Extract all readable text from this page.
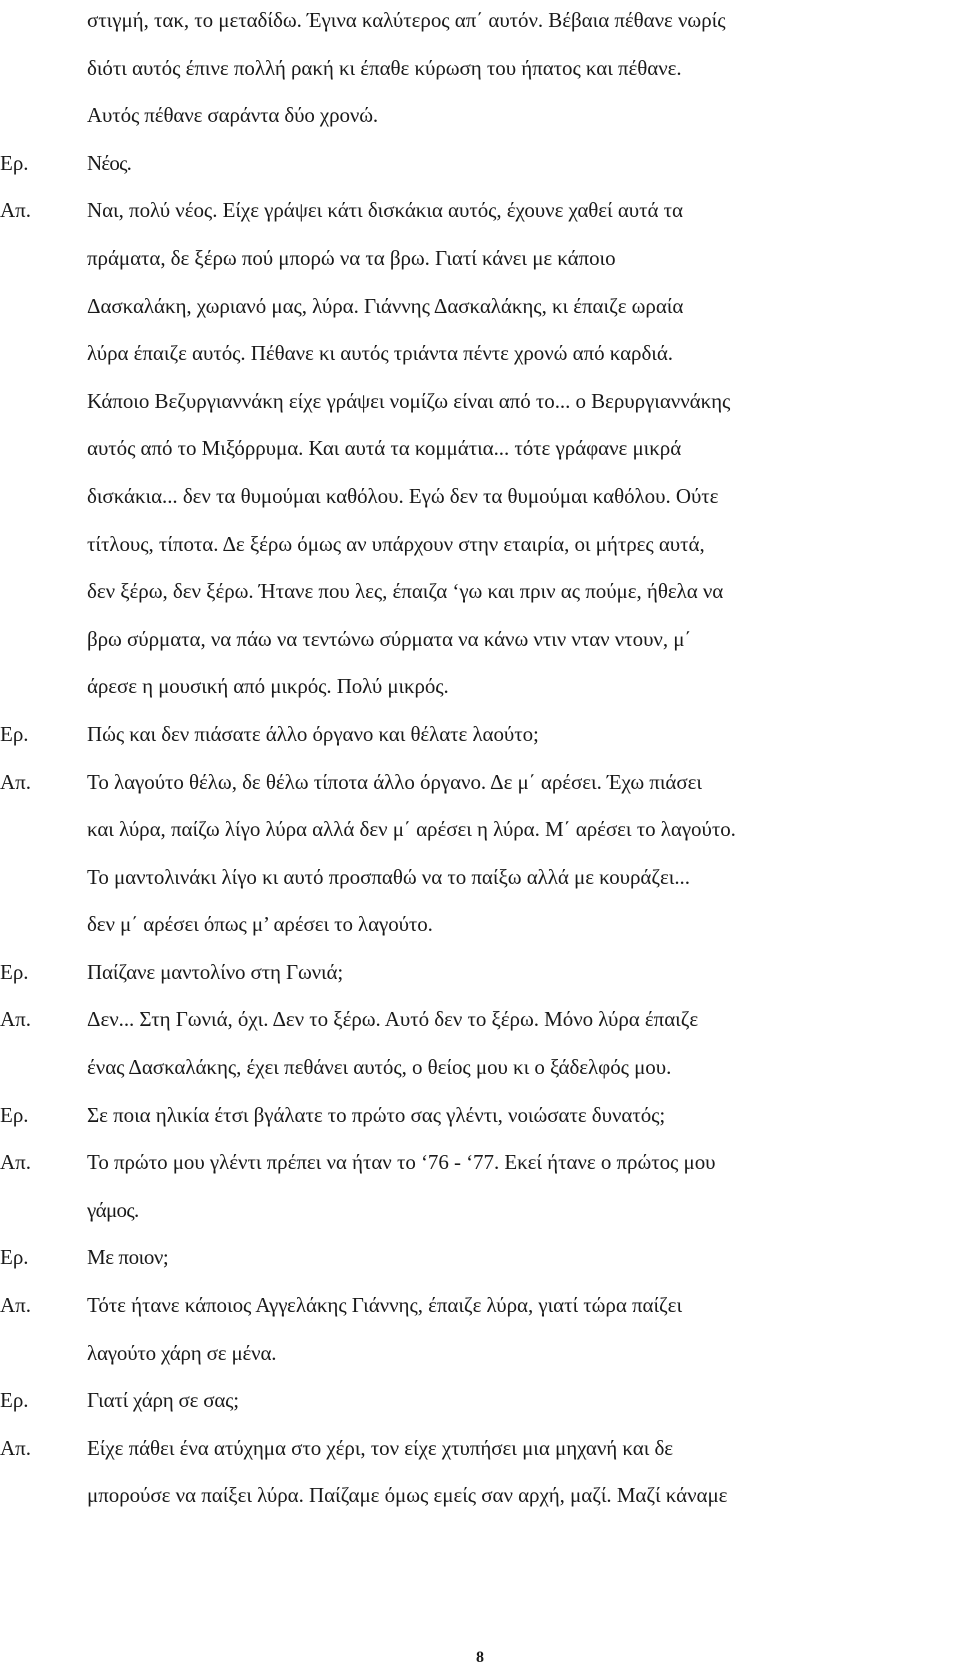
στιγμή, τακ, το μεταδίδω. Έγινα καλύτερος απ΄ αυτόν. Βέβαια πέθανε νωρίς
διότι αυτός έπινε πολλή ρακή κι έπαθε κύρωση του ήπατος και πέθανε.
Αυτός πέθανε σαράντα δύο χρονώ.
Ερ.	Νέος.
Απ.	Ναι, πολύ νέος. Είχε γράψει κάτι δισκάκια αυτός, έχουνε χαθεί αυτά τα
πράματα, δε ξέρω πού μπορώ να τα βρω. Γιατί κάνει με κάποιο
Δασκαλάκη, χωριανό μας, λύρα. Γιάννης Δασκαλάκης, κι έπαιζε ωραία
λύρα έπαιζε αυτός. Πέθανε κι αυτός τριάντα πέντε χρονώ από καρδιά.
Κάποιο Βεζυργιαννάκη είχε γράψει νομίζω είναι από το... ο Βερυργιαννάκης
αυτός από το Μιξόρρυμα. Και αυτά τα κομμάτια... τότε γράφανε μικρά
δισκάκια... δεν τα θυμούμαι καθόλου. Εγώ δεν τα θυμούμαι καθόλου. Ούτε
τίτλους, τίποτα. Δε ξέρω όμως αν υπάρχουν στην εταιρία, οι μήτρες αυτά,
δεν ξέρω, δεν ξέρω. Ήτανε που λες, έπαιζα ‘γω και πριν ας πούμε, ήθελα να
βρω σύρματα, να πάω να τεντώνω σύρματα να κάνω ντιν νταν ντουν, μ΄
άρεσε η μουσική από μικρός. Πολύ μικρός.
Ερ.	Πώς και δεν πιάσατε άλλο όργανο και θέλατε λαούτο;
Απ.	Το λαγούτο θέλω, δε θέλω τίποτα άλλο όργανο. Δε μ΄ αρέσει. Έχω πιάσει
και λύρα, παίζω λίγο λύρα αλλά δεν μ΄ αρέσει η λύρα. Μ΄ αρέσει το λαγούτο.
Το μαντολινάκι λίγο κι αυτό προσπαθώ να το παίξω αλλά με κουράζει...
δεν μ΄ αρέσει όπως μ’ αρέσει το λαγούτο.
Ερ.	Παίζανε μαντολίνο στη Γωνιά;
Απ.	Δεν... Στη Γωνιά, όχι. Δεν το ξέρω. Αυτό δεν το ξέρω. Μόνο λύρα έπαιζε
ένας Δασκαλάκης, έχει πεθάνει αυτός, ο θείος μου κι ο ξάδελφός μου.
Ερ.	Σε ποια ηλικία έτσι βγάλατε το πρώτο σας γλέντι, νοιώσατε δυνατός;
Απ.	Το πρώτο μου γλέντι πρέπει να ήταν το ‘76 - ‘77. Εκεί ήτανε ο πρώτος μου
γάμος.
Ερ.	Με ποιον;
Απ.	Τότε ήτανε κάποιος Αγγελάκης Γιάννης, έπαιζε λύρα, γιατί τώρα παίζει
λαγούτο χάρη σε μένα.
Ερ.	Γιατί χάρη σε σας;
Απ.	Είχε πάθει ένα ατύχημα στο χέρι, τον είχε χτυπήσει μια μηχανή και δε
μπορούσε να παίξει λύρα. Παίζαμε όμως εμείς σαν αρχή, μαζί. Μαζί κάναμε
8
